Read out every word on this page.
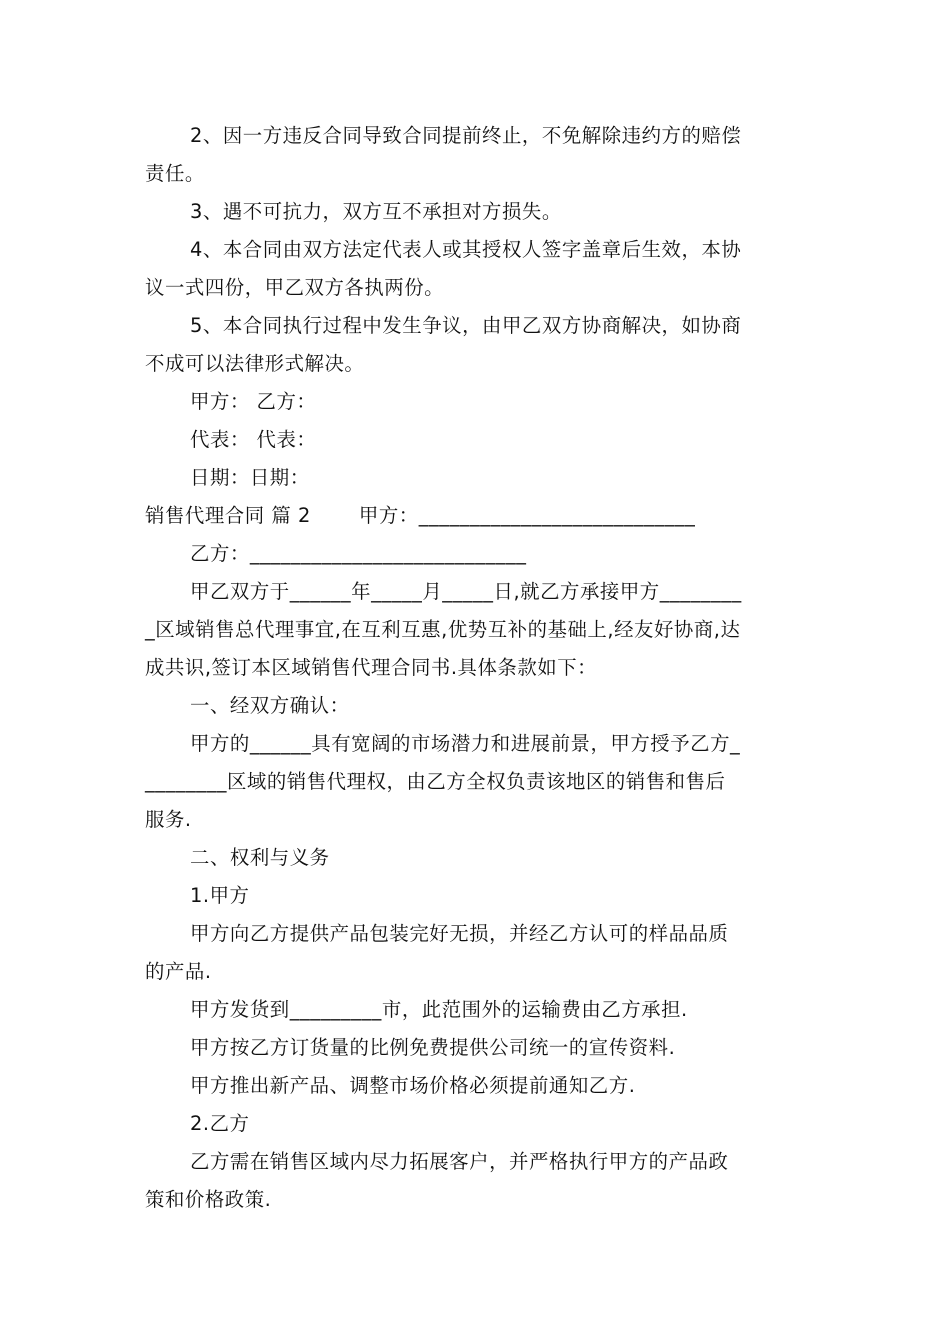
2、因一方违反合同导致合同提前终止，不免解除违约方的赔偿
责任。
3、遇不可抗力，双方互不承担对方损失。
4、本合同由双方法定代表人或其授权人签字盖章后生效，本协
议一式四份，甲乙双方各执两份。
5、本合同执行过程中发生争议，由甲乙双方协商解决，如协商
不成可以法律形式解决。
甲方： 乙方：
代表： 代表：
日期：日期：
销售代理合同 篇 2 甲方：___________________________
乙方：___________________________
甲乙双方于______年_____月_____日,就乙方承接甲方________
_区域销售总代理事宜,在互利互惠,优势互补的基础上,经友好协商,达
成共识,签订本区域销售代理合同书.具体条款如下：
一、经双方确认：
甲方的______具有宽阔的市场潜力和进展前景，甲方授予乙方_
________区域的销售代理权，由乙方全权负责该地区的销售和售后
服务.
二、权利与义务
1.甲方
甲方向乙方提供产品包装完好无损，并经乙方认可的样品品质
的产品.
甲方发货到_________市，此范围外的运输费由乙方承担.
甲方按乙方订货量的比例免费提供公司统一的宣传资料.
甲方推出新产品、调整市场价格必须提前通知乙方.
2.乙方
乙方需在销售区域内尽力拓展客户，并严格执行甲方的产品政
策和价格政策.
